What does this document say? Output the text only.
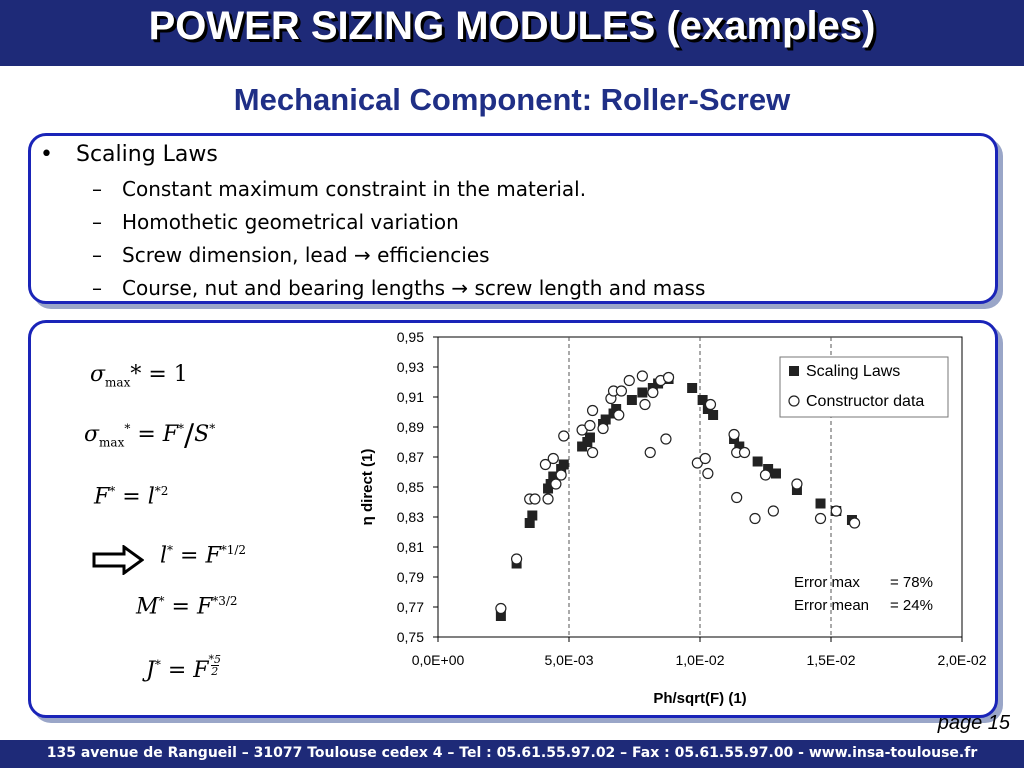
POWER SIZING MODULES (examples)
Mechanical Component: Roller-Screw
• Scaling Laws
– Constant maximum constraint in the material.
– Homothetic geometrical variation
– Screw dimension, lead → efficiencies
– Course, nut and bearing lengths → screw length and mass
$\sigma_{max}* = 1$
$\sigma_{max}^* = F^*/S^*$
$F^* = l^{*2}$
$l^* = F^{*1/2}$
$M^* = F^{*3/2}$
J* = F $\frac{*5}{2}$	0,0E+00	5,0E-03	1,0E-02	1,5E-02	2,0E-02
0,75
0,77
0,79
0,81
0,83
0,85
0,87
0,89
0,91
0,93
0,95
Scaling Laws
Constructor data
Error max = 78%
Error mean = 24%
Ph/sqrt(F) (1)
η direct (1)
page 15
135 avenue de Rangueil – 31077 Toulouse cedex 4 – Tel : 05.61.55.97.02 – Fax : 05.61.55.97.00 - www.insa-toulouse.fr
